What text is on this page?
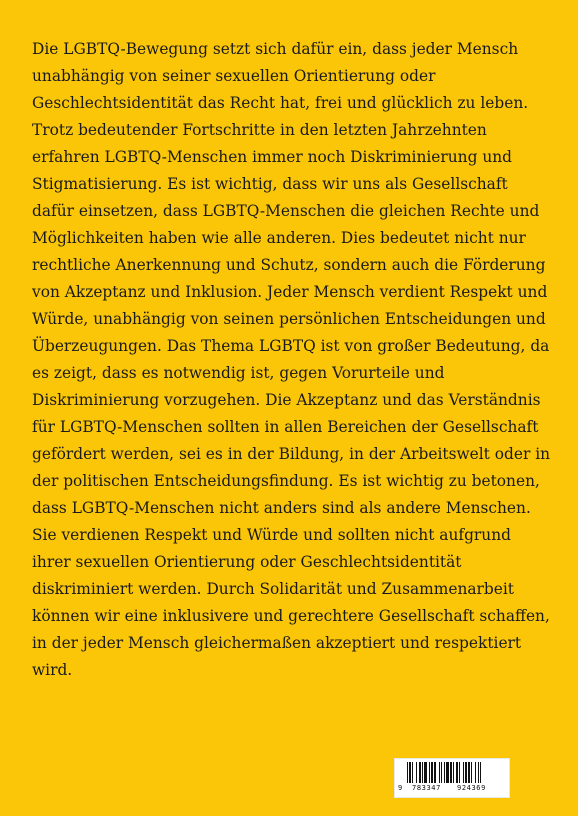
Die LGBTQ-Bewegung setzt sich dafür ein, dass jeder Mensch unabhängig von seiner sexuellen Orientierung oder Geschlechtsidentität das Recht hat, frei und glücklich zu leben. Trotz bedeutender Fortschritte in den letzten Jahrzehnten erfahren LGBTQ-Menschen immer noch Diskriminierung und Stigmatisierung. Es ist wichtig, dass wir uns als Gesellschaft dafür einsetzen, dass LGBTQ-Menschen die gleichen Rechte und Möglichkeiten haben wie alle anderen. Dies bedeutet nicht nur rechtliche Anerkennung und Schutz, sondern auch die Förderung von Akzeptanz und Inklusion. Jeder Mensch verdient Respekt und Würde, unabhängig von seinen persönlichen Entscheidungen und Überzeugungen. Das Thema LGBTQ ist von großer Bedeutung, da es zeigt, dass es notwendig ist, gegen Vorurteile und Diskriminierung vorzugehen. Die Akzeptanz und das Verständnis für LGBTQ-Menschen sollten in allen Bereichen der Gesellschaft gefördert werden, sei es in der Bildung, in der Arbeitswelt oder in der politischen Entscheidungsfindung. Es ist wichtig zu betonen, dass LGBTQ-Menschen nicht anders sind als andere Menschen. Sie verdienen Respekt und Würde und sollten nicht aufgrund ihrer sexuellen Orientierung oder Geschlechtsidentität diskriminiert werden. Durch Solidarität und Zusammenarbeit können wir eine inklusivere und gerechtere Gesellschaft schaffen, in der jeder Mensch gleichermaßen akzeptiert und respektiert wird.

9 783347 924369
